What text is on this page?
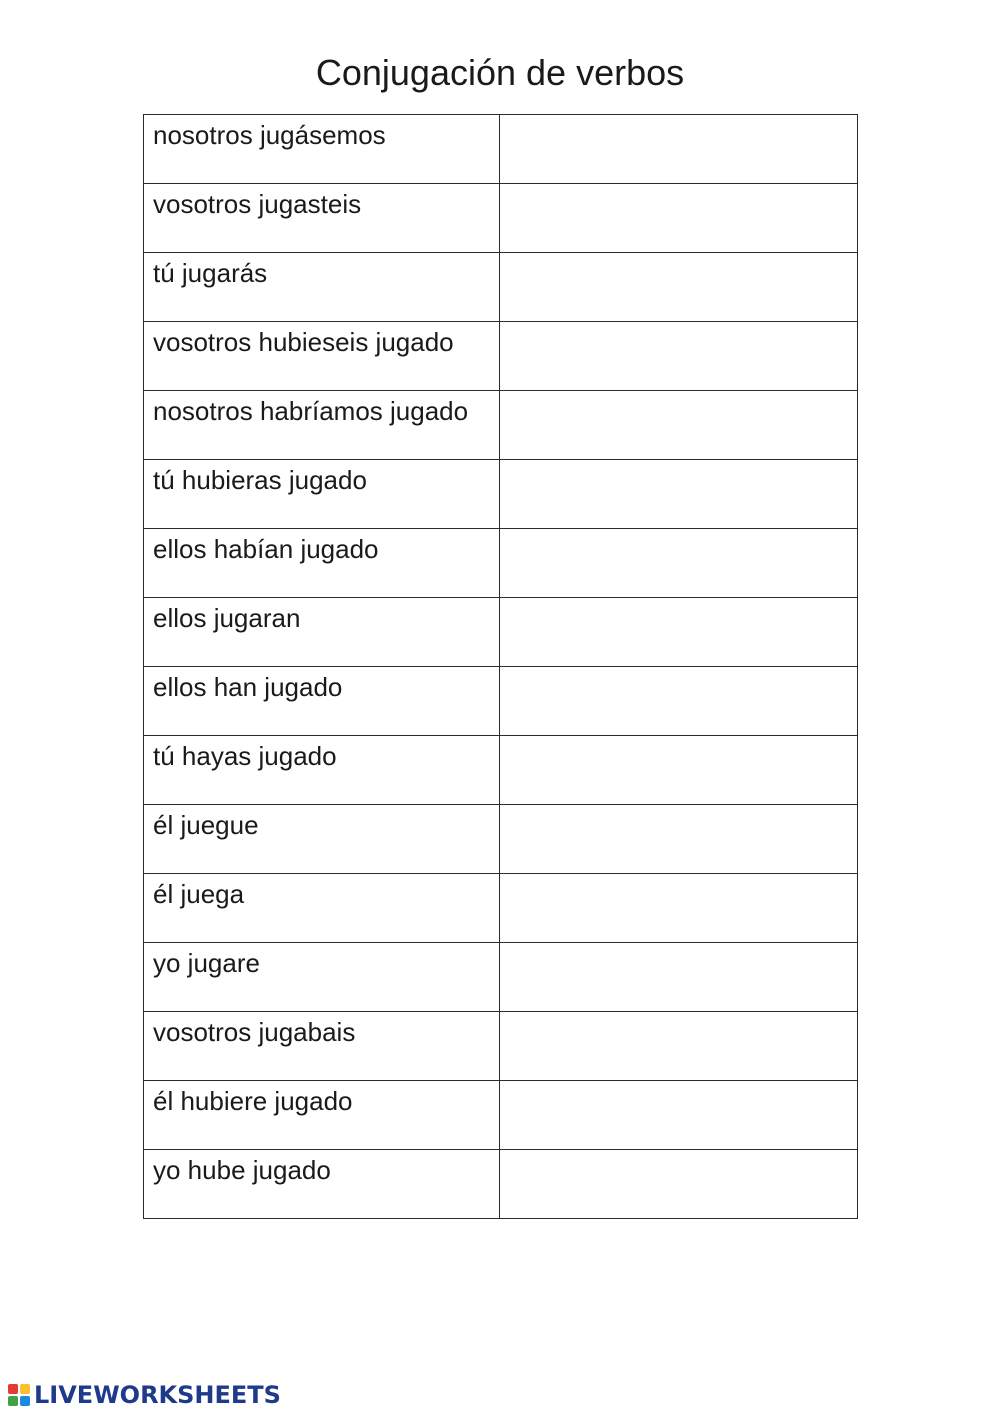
Conjugación de verbos
nosotros jugásemos	
vosotros jugasteis	
tú jugarás	
vosotros hubieseis jugado	
nosotros habríamos jugado	
tú hubieras jugado	
ellos habían jugado	
ellos jugaran	
ellos han jugado	
tú hayas jugado	
él juegue	
él juega	
yo jugare	
vosotros jugabais	
él hubiere jugado	
yo hube jugado	
LIVEWORKSHEETS
